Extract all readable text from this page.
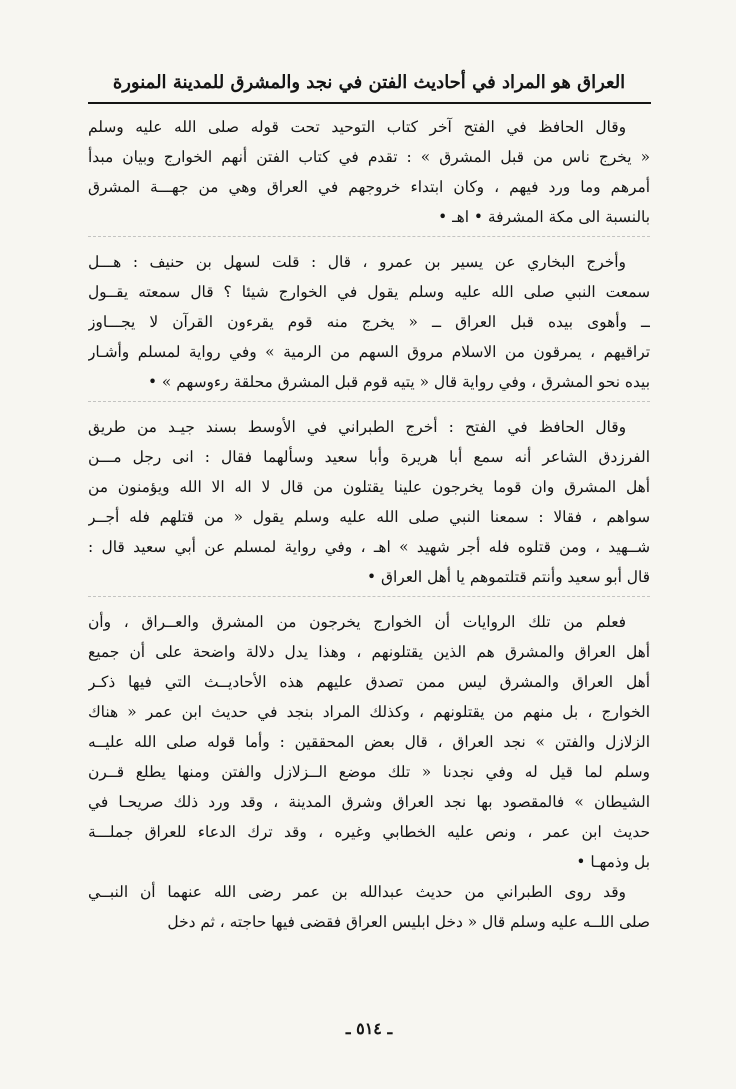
العراق هو المراد في أحاديث الفتن في نجد والمشرق للمدينة المنورة
وقال الحافظ في الفتح آخر كتاب التوحيد تحت قوله صلى الله عليه وسلم
« يخرج ناس من قبل المشرق » : تقدم في كتاب الفتن أنهم الخوارج وبيان مبدأ
أمرهم وما ورد فيهم ، وكان ابتداء خروجهم في العراق وهي من جهـــة المشرق
بالنسبة الى مكة المشرفة • اهـ •
وأخرج البخاري عن يسير بن عمرو ، قال : قلت لسهل بن حنيف : هـــل
سمعت النبي صلى الله عليه وسلم يقول في الخوارج شيئا ؟ قال سمعته يقــول
ــ وأهوى بيده قبل العراق ــ « يخرج منه قوم يقرءون القرآن لا يجـــاوز
تراقيهم ، يمرقون من الاسلام مروق السهم من الرمية » وفي رواية لمسلم وأشـار
بيده نحو المشرق ، وفي رواية قال « يتيه قوم قبل المشرق محلقة رءوسهم » •
وقال الحافظ في الفتح : أخرج الطبراني في الأوسط بسند جيـد من طريق
الفرزدق الشاعر أنه سمع أبا هريرة وأبا سعيد وسألهما فقال : انى رجل مـــن
أهل المشرق وان قوما يخرجون علينا يقتلون من قال لا اله الا الله ويؤمنون من
سواهم ، فقالا : سمعنا النبي صلى الله عليه وسلم يقول « من قتلهم فله أجــر
شــهيد ، ومن قتلوه فله أجر شهيد » اهـ ، وفي رواية لمسلم عن أبي سعيد قال :
قال أبو سعيد وأنتم قتلتموهم يا أهل العراق •
فعلم من تلك الروايات أن الخوارج يخرجون من المشرق والعــراق ، وأن
أهل العراق والمشرق هم الذين يقتلونهم ، وهذا يدل دلالة واضحة على أن جميع
أهل العراق والمشرق ليس ممن تصدق عليهم هذه الأحاديــث التي فيها ذكـر
الخوارج ، بل منهم من يقتلونهم ، وكذلك المراد بنجد في حديث ابن عمر « هناك
الزلازل والفتن » نجد العراق ، قال بعض المحققين : وأما قوله صلى الله عليــه
وسلم لما قيل له وفي نجدنا « تلك موضع الــزلازل والفتن ومنها يطلع قــرن
الشيطان » فالمقصود بها نجد العراق وشرق المدينة ، وقد ورد ذلك صريحـا في
حديث ابن عمر ، ونص عليه الخطابي وغيره ، وقد ترك الدعاء للعراق جملـــة
بل وذمهـا •
وقد روى الطبراني من حديث عبدالله بن عمر رضى الله عنهما أن النبــي
صلى اللــه عليه وسلم قال « دخل ابليس العراق فقضى فيها حاجته ، ثم دخل
ـ ٥١٤ ـ
